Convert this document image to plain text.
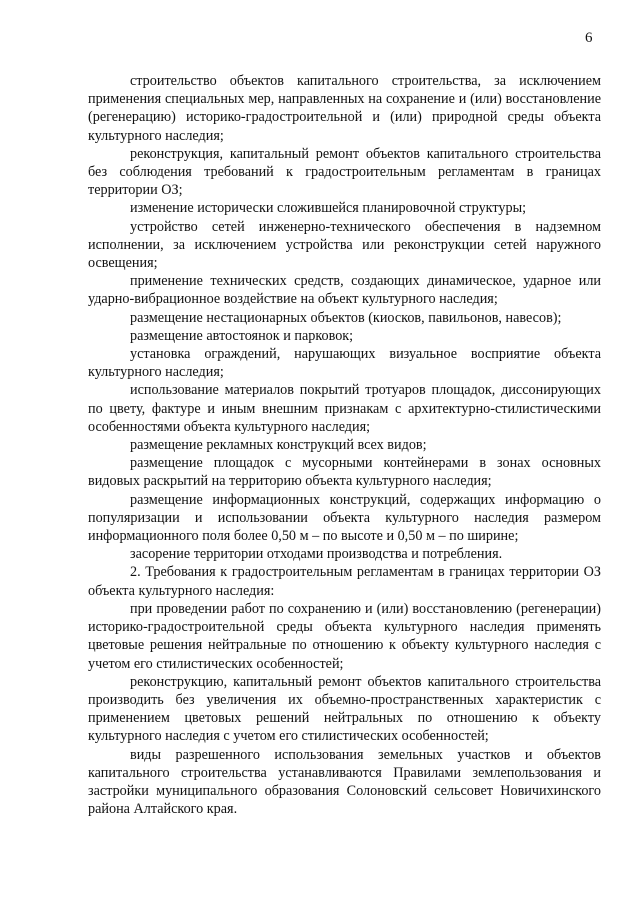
6

строительство объектов капитального строительства, за исключением применения специальных мер, направленных на сохранение и (или) восстановление (регенерацию) историко-градостроительной и (или) природной среды объекта культурного наследия;

реконструкция, капитальный ремонт объектов капитального строительства без соблюдения требований к градостроительным регламентам в границах территории ОЗ;

изменение исторически сложившейся планировочной структуры;

устройство сетей инженерно-технического обеспечения в надземном исполнении, за исключением устройства или реконструкции сетей наружного освещения;

применение технических средств, создающих динамическое, ударное или ударно-вибрационное воздействие на объект культурного наследия;

размещение нестационарных объектов (киосков, павильонов, навесов);

размещение автостоянок и парковок;

установка ограждений, нарушающих визуальное восприятие объекта культурного наследия;

использование материалов покрытий тротуаров площадок, диссонирующих по цвету, фактуре и иным внешним признакам с архитектурно-стилистическими особенностями объекта культурного наследия;

размещение рекламных конструкций всех видов;

размещение площадок с мусорными контейнерами в зонах основных видовых раскрытий на территорию объекта культурного наследия;

размещение информационных конструкций, содержащих информацию о популяризации и использовании объекта культурного наследия размером информационного поля более 0,50 м – по высоте и 0,50 м – по ширине;

засорение территории отходами производства и потребления.

2. Требования к градостроительным регламентам в границах территории ОЗ объекта культурного наследия:

при проведении работ по сохранению и (или) восстановлению (регенерации) историко-градостроительной среды объекта культурного наследия применять цветовые решения нейтральные по отношению к объекту культурного наследия с учетом его стилистических особенностей;

реконструкцию, капитальный ремонт объектов капитального строительства производить без увеличения их объемно-пространственных характеристик с применением цветовых решений нейтральных по отношению к объекту культурного наследия с учетом его стилистических особенностей;

виды разрешенного использования земельных участков и объектов капитального строительства устанавливаются Правилами землепользования и застройки муниципального образования Солоновский сельсовет Новичихинского района Алтайского края.
